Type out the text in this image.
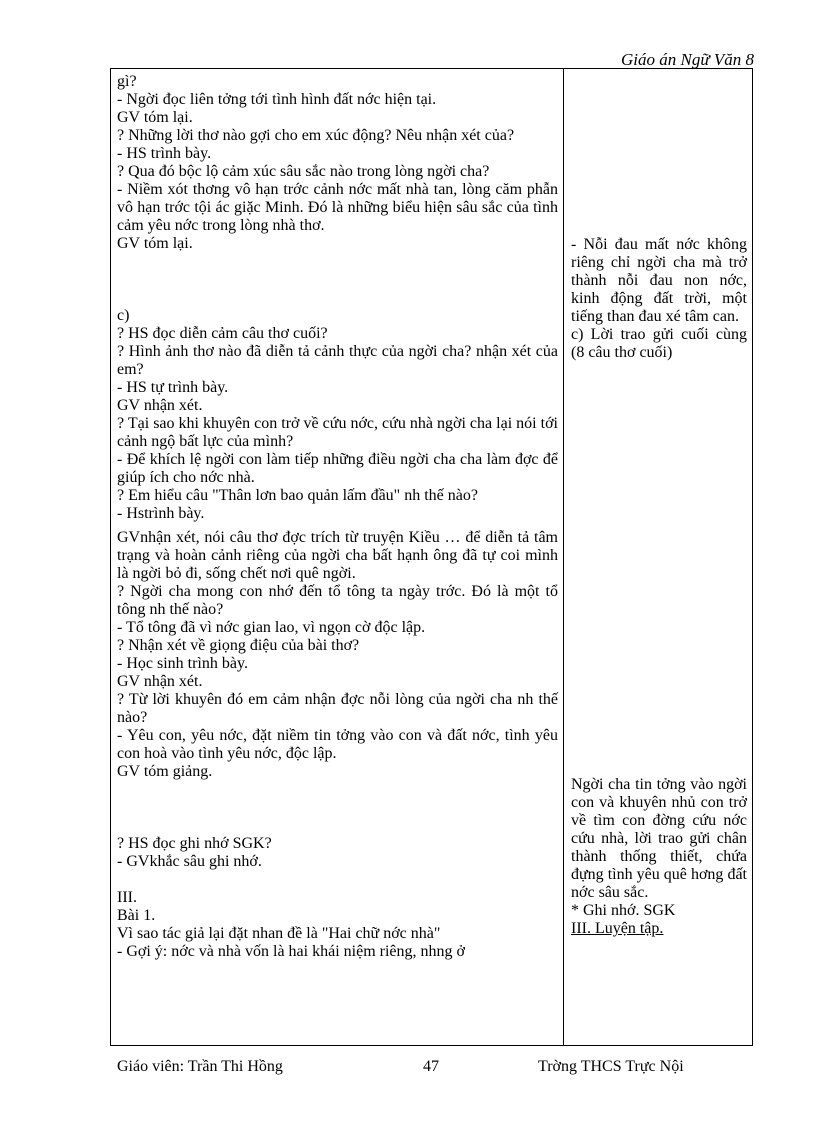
Giáo án Ngữ Văn 8
gì?
- Ngời đọc liên tởng tới tình hình đất nớc hiện tại.
GV tóm lại.
? Những lời thơ nào gợi cho em xúc động? Nêu nhận xét của?
- HS trình bày.
? Qua đó bộc lộ cảm xúc sâu sắc nào trong lòng ngời cha?
- Niềm xót thơng vô hạn trớc cảnh nớc mất nhà tan, lòng căm phẫn vô hạn trớc tội ác giặc Minh. Đó là những biểu hiện sâu sắc của tình cảm yêu nớc trong lòng nhà thơ.
GV tóm lại.
c)
? HS đọc diễn cảm câu thơ cuối?
? Hình ảnh thơ nào đã diễn tả cảnh thực của ngời cha? nhận xét của em?
- HS tự trình bày.
GV nhận xét.
? Tại sao khi khuyên con trở về cứu nớc, cứu nhà ngời cha lại nói tới cảnh ngộ bất lực của mình?
- Để khích lệ ngời con làm tiếp những điều ngời cha cha làm đợc để giúp ích cho nớc nhà.
? Em hiểu câu "Thân lơn bao quản lấm đầu" nh thế nào?
- Hstrình bày.
GVnhận xét, nói câu thơ đợc trích từ truyện Kiều … để diễn tả tâm trạng và hoàn cảnh riêng của ngời cha bất hạnh ông đã tự coi mình là ngời bỏ đi, sống chết nơi quê ngời.
? Ngời cha mong con nhớ đến tổ tông ta ngày trớc. Đó là một tổ tông nh thế nào?
- Tổ tông đã vì nớc gian lao, vì ngọn cờ độc lập.
? Nhận xét về giọng điệu của bài thơ?
- Học sinh trình bày.
GV nhận xét.
? Từ lời khuyên đó em cảm nhận đợc nỗi lòng của ngời cha nh thế nào?
- Yêu con, yêu nớc, đặt niềm tin tởng vào con và đất nớc, tình yêu con hoà vào tình yêu nớc, độc lập.
GV tóm giảng.
? HS đọc ghi nhớ SGK?
- GVkhắc sâu ghi nhớ.
III.
Bài 1.
Vì sao tác giả lại đặt nhan đề là "Hai chữ nớc nhà"
- Gợi ý: nớc và nhà vốn là hai khái niệm riêng, nhng ở
- Nỗi đau mất nớc không riêng chỉ ngời cha mà trở thành nỗi đau non nớc, kinh động đất trời, một tiếng than đau xé tâm can.
c) Lời trao gửi cuối cùng (8 câu thơ cuối)
Ngời cha tin tởng vào ngời con và khuyên nhủ con trở về tìm con đờng cứu nớc cứu nhà, lời trao gửi chân thành thống thiết, chứa đựng tình yêu quê hơng đất nớc sâu sắc.
* Ghi nhớ. SGK
III. Luyện tập.
Giáo viên: Trần Thi Hồng	47	Trờng THCS Trực Nội
